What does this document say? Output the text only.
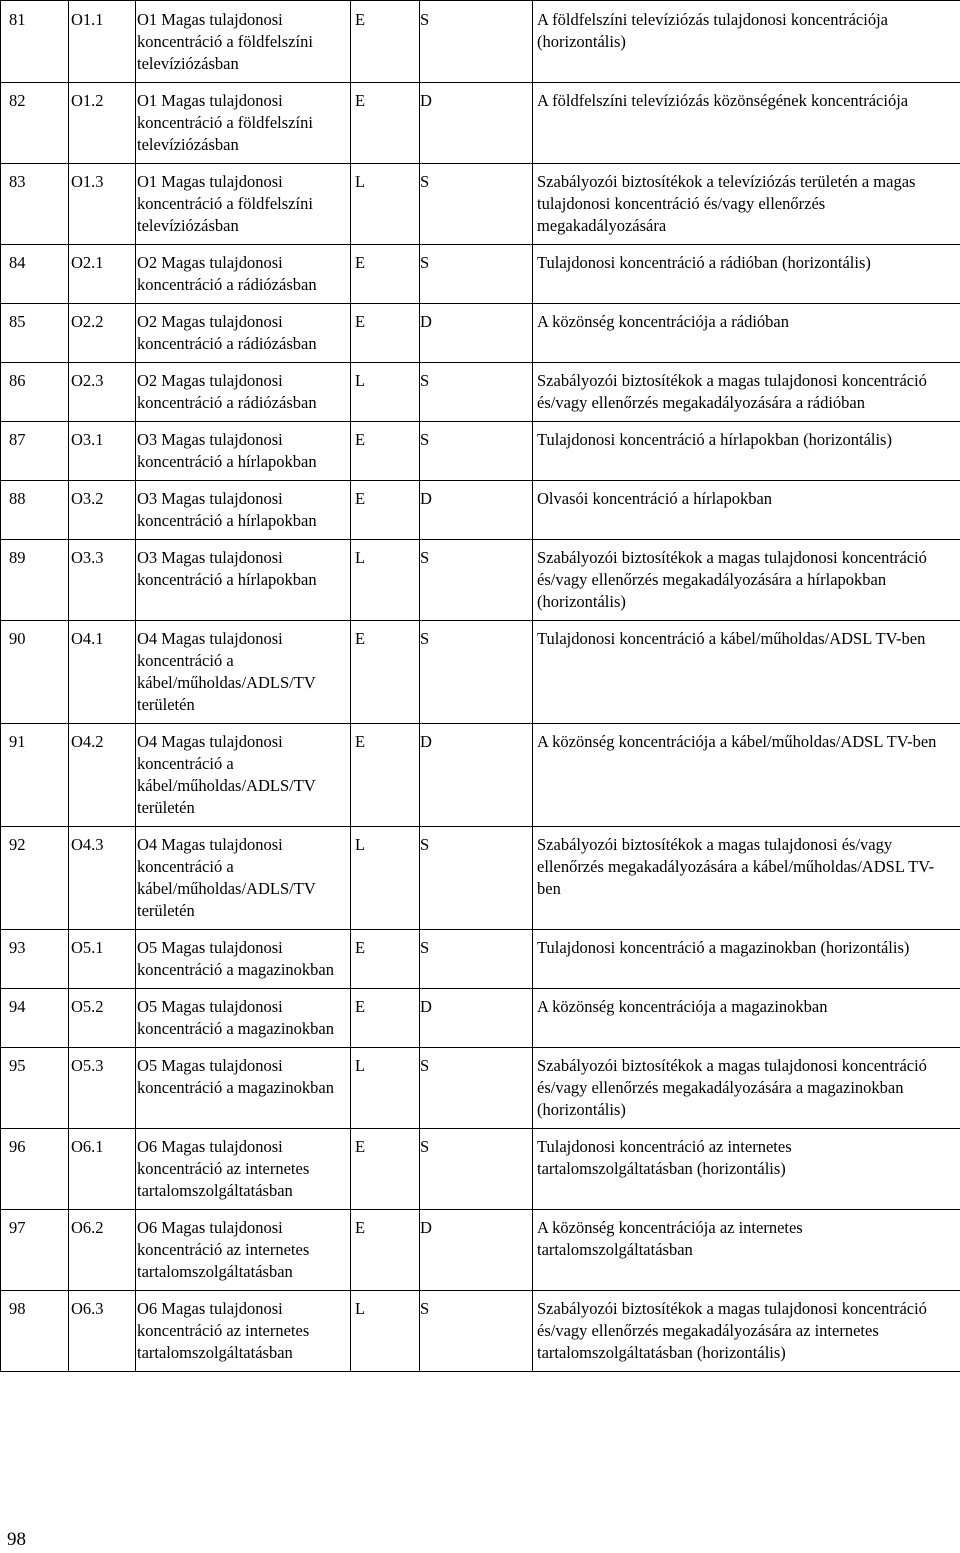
81	O1.1	O1 Magas tulajdonosi koncentráció a földfelszíni televíziózásban	E	S	A földfelszíni televíziózás tulajdonosi koncentrációja (horizontális)
82	O1.2	O1 Magas tulajdonosi koncentráció a földfelszíni televíziózásban	E	D	A földfelszíni televíziózás közönségének koncentrációja
83	O1.3	O1 Magas tulajdonosi koncentráció a földfelszíni televíziózásban	L	S	Szabályozói biztosítékok a televíziózás területén a magas tulajdonosi koncentráció és/vagy ellenőrzés megakadályozására
84	O2.1	O2 Magas tulajdonosi koncentráció a rádiózásban	E	S	Tulajdonosi koncentráció a rádióban (horizontális)
85	O2.2	O2 Magas tulajdonosi koncentráció a rádiózásban	E	D	A közönség koncentrációja a rádióban
86	O2.3	O2 Magas tulajdonosi koncentráció a rádiózásban	L	S	Szabályozói biztosítékok a magas tulajdonosi koncentráció és/vagy ellenőrzés megakadályozására a rádióban
87	O3.1	O3 Magas tulajdonosi koncentráció a hírlapokban	E	S	Tulajdonosi koncentráció a hírlapokban (horizontális)
88	O3.2	O3 Magas tulajdonosi koncentráció a hírlapokban	E	D	Olvasói koncentráció a hírlapokban
89	O3.3	O3 Magas tulajdonosi koncentráció a hírlapokban	L	S	Szabályozói biztosítékok a magas tulajdonosi koncentráció és/vagy ellenőrzés megakadályozására a hírlapokban (horizontális)
90	O4.1	O4 Magas tulajdonosi koncentráció a kábel/műholdas/ADLS/TV területén	E	S	Tulajdonosi koncentráció a kábel/műholdas/ADSL TV-ben
91	O4.2	O4 Magas tulajdonosi koncentráció a kábel/műholdas/ADLS/TV területén	E	D	A közönség koncentrációja a kábel/műholdas/ADSL TV-ben
92	O4.3	O4 Magas tulajdonosi koncentráció a kábel/műholdas/ADLS/TV területén	L	S	Szabályozói biztosítékok a magas tulajdonosi és/vagy ellenőrzés megakadályozására a kábel/műholdas/ADSL TV-ben
93	O5.1	O5 Magas tulajdonosi koncentráció a magazinokban	E	S	Tulajdonosi koncentráció a magazinokban (horizontális)
94	O5.2	O5 Magas tulajdonosi koncentráció a magazinokban	E	D	A közönség koncentrációja a magazinokban
95	O5.3	O5 Magas tulajdonosi koncentráció a magazinokban	L	S	Szabályozói biztosítékok a magas tulajdonosi koncentráció és/vagy ellenőrzés megakadályozására a magazinokban (horizontális)
96	O6.1	O6 Magas tulajdonosi koncentráció az internetes tartalomszolgáltatásban	E	S	Tulajdonosi koncentráció az internetes tartalomszolgáltatásban (horizontális)
97	O6.2	O6 Magas tulajdonosi koncentráció az internetes tartalomszolgáltatásban	E	D	A közönség koncentrációja az internetes tartalomszolgáltatásban
98	O6.3	O6 Magas tulajdonosi koncentráció az internetes tartalomszolgáltatásban	L	S	Szabályozói biztosítékok a magas tulajdonosi koncentráció és/vagy ellenőrzés megakadályozására az internetes tartalomszolgáltatásban (horizontális)
98
